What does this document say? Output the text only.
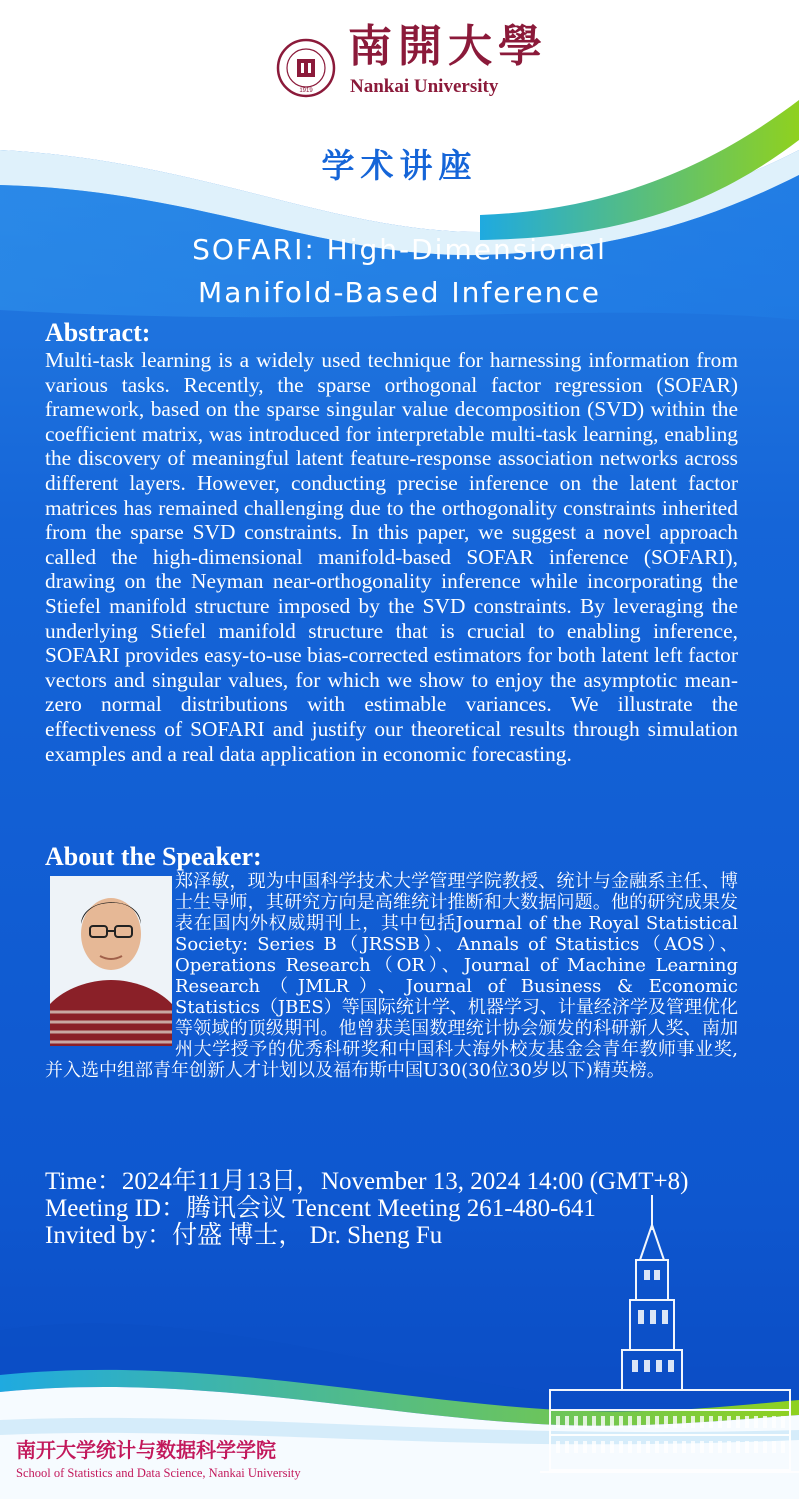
1919
南開大學
Nankai University
学术讲座
SOFARI: High-Dimensional
Manifold-Based Inference
Abstract:
Multi-task learning is a widely used technique for harnessing information from various tasks. Recently, the sparse orthogonal factor regression (SOFAR) framework, based on the sparse singular value decomposition (SVD) within the coefficient matrix, was introduced for interpretable multi-task learning, enabling the discovery of meaningful latent feature-response association networks across different layers. However, conducting precise inference on the latent factor matrices has remained challenging due to the orthogonality constraints inherited from the sparse SVD constraints. In this paper, we suggest a novel approach called the high-dimensional manifold-based SOFAR inference (SOFARI), drawing on the Neyman near-orthogonality inference while incorporating the Stiefel manifold structure imposed by the SVD constraints. By leveraging the underlying Stiefel manifold structure that is crucial to enabling inference, SOFARI provides easy-to-use bias-corrected estimators for both latent left factor vectors and singular values, for which we show to enjoy the asymptotic mean-zero normal distributions with estimable variances. We illustrate the effectiveness of SOFARI and justify our theoretical results through simulation examples and a real data application in economic forecasting.
About the Speaker:
郑泽敏，现为中国科学技术大学管理学院教授、统计与金融系主任、博士生导师，其研究方向是高维统计推断和大数据问题。他的研究成果发表在国内外权威期刊上，其中包括Journal of the Royal Statistical Society: Series B（JRSSB）、Annals of Statistics（AOS）、Operations Research（OR）、Journal of Machine Learning Research（JMLR）、Journal of Business & Economic Statistics（JBES）等国际统计学、机器学习、计量经济学及管理优化等领域的顶级期刊。他曾获美国数理统计协会颁发的科研新人奖、南加州大学授予的优秀科研奖和中国科大海外校友基金会青年教师事业奖,并入选中组部青年创新人才计划以及福布斯中国U30(30位30岁以下)精英榜。
Time：2024年11月13日，November 13, 2024 14:00 (GMT+8)
Meeting ID：腾讯会议 Tencent Meeting 261-480-641
Invited by：付盛 博士， Dr. Sheng Fu
南开大学统计与数据科学学院
School of Statistics and Data Science, Nankai University
